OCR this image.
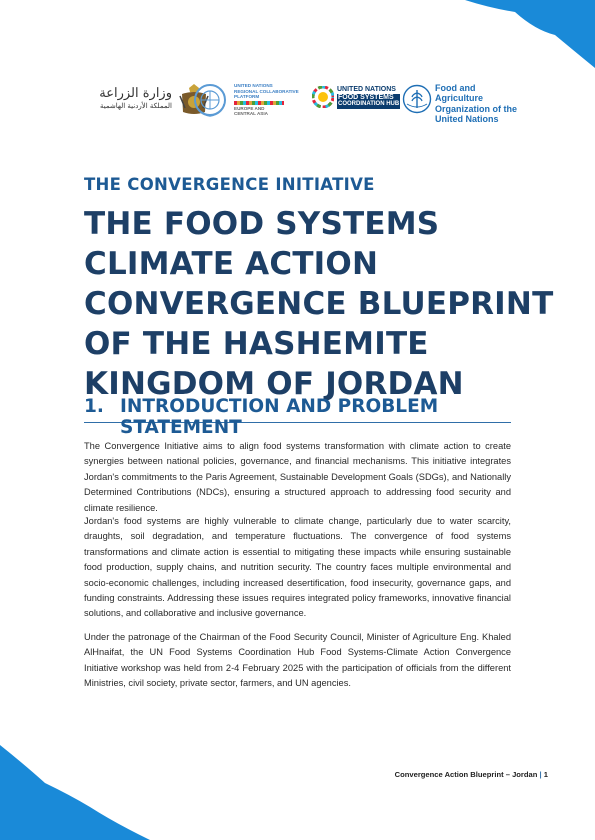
وزارة الزراعة
المملكة الأردنية الهاشمية
UNITED NATIONS
REGIONAL COLLABORATIVE
PLATFORM
EUROPE AND
CENTRAL ASIA
UNITED NATIONS
FOOD SYSTEMS
COORDINATION HUB
Food and Agriculture
Organization of the
United Nations
THE CONVERGENCE INITIATIVE
THE FOOD SYSTEMS CLIMATE ACTION CONVERGENCE BLUEPRINT OF THE HASHEMITE KINGDOM OF JORDAN
1. INTRODUCTION AND PROBLEM STATEMENT

The Convergence Initiative aims to align food systems transformation with climate action to create synergies between national policies, governance, and financial mechanisms. This initiative integrates Jordan's commitments to the Paris Agreement, Sustainable Development Goals (SDGs), and Nationally Determined Contributions (NDCs), ensuring a structured approach to addressing food security and climate resilience.

Jordan's food systems are highly vulnerable to climate change, particularly due to water scarcity, draughts, soil degradation, and temperature fluctuations. The convergence of food systems transformations and climate action is essential to mitigating these impacts while ensuring sustainable food production, supply chains, and nutrition security. The country faces multiple environmental and socio-economic challenges, including increased desertification, food insecurity, governance gaps, and funding constraints. Addressing these issues requires integrated policy frameworks, innovative financial solutions, and collaborative and inclusive governance.

Under the patronage of the Chairman of the Food Security Council, Minister of Agriculture Eng. Khaled AlHnaifat, the UN Food Systems Coordination Hub Food Systems-Climate Action Convergence Initiative workshop was held from 2-4 February 2025 with the participation of officials from the different Ministries, civil society, private sector, farmers, and UN agencies.

Convergence Action Blueprint – Jordan | 1
